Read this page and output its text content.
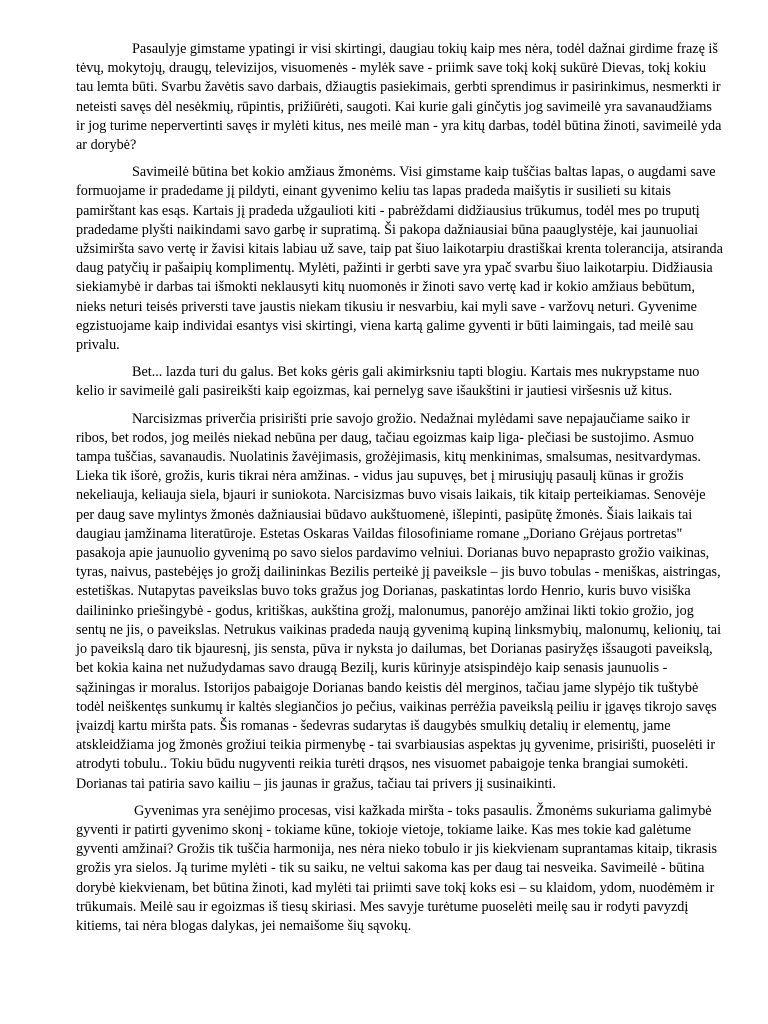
Pasaulyje gimstame ypatingi ir visi skirtingi, daugiau tokių kaip mes nėra, todėl dažnai girdime frazę iš tėvų, mokytojų, draugų, televizijos, visuomenės - mylėk save - priimk save tokį kokį sukūrė Dievas, tokį kokiu tau lemta būti. Svarbu žavėtis savo darbais, džiaugtis pasiekimais, gerbti sprendimus ir pasirinkimus, nesmerkti ir neteisti savęs dėl nesėkmių, rūpintis, prižiūrėti, saugoti. Kai kurie gali ginčytis jog savimeilė yra savanaudžiams ir jog turime nepervertinti savęs ir mylėti kitus, nes meilė man - yra kitų darbas, todėl būtina žinoti, savimeilė yda ar dorybė?

Savimeilė būtina bet kokio amžiaus žmonėms. Visi gimstame kaip tuščias baltas lapas, o augdami save formuojame ir pradedame jį pildyti, einant gyvenimo keliu tas lapas pradeda maišytis ir susilieti su kitais pamirštant kas esąs. Kartais jį pradeda užgaulioti kiti - pabrėždami didžiausius trūkumus, todėl mes po truputį pradedame plyšti naikindami savo garbę ir supratimą. Ši pakopa dažniausiai būna paauglystėje, kai jaunuoliai užsimiršta savo vertę ir žavisi kitais labiau už save, taip pat šiuo laikotarpiu drastiškai krenta tolerancija, atsiranda daug patyčių ir pašaipių komplimentų. Mylėti, pažinti ir gerbti save yra ypač svarbu šiuo laikotarpiu. Didžiausia siekiamybė ir darbas tai išmokti neklausyti kitų nuomonės ir žinoti savo vertę kad ir kokio amžiaus bebūtum, nieks neturi teisės priversti tave jaustis niekam tikusiu ir nesvarbiu, kai myli save - varžovų neturi. Gyvenime egzistuojame kaip individai esantys visi skirtingi, viena kartą galime gyventi ir būti laimingais, tad meilė sau privalu.

Bet... lazda turi du galus. Bet koks gėris gali akimirksniu tapti blogiu. Kartais mes nukrypstame nuo kelio ir savimeilė gali pasireikšti kaip egoizmas, kai pernelyg save išaukštini ir jautiesi viršesnis už kitus.

Narcisizmas priverčia prisirišti prie savojo grožio. Nedažnai mylėdami save nepajaučiame saiko ir ribos, bet rodos, jog meilės niekad nebūna per daug, tačiau egoizmas kaip liga- plečiasi be sustojimo. Asmuo tampa tuščias, savanaudis. Nuolatinis žavėjimasis, grožėjimasis, kitų menkinimas, smalsumas, nesitvardymas. Lieka tik išorė, grožis, kuris tikrai nėra amžinas. - vidus jau supuvęs, bet į mirusiųjų pasaulį kūnas ir grožis nekeliauja, keliauja siela, bjauri ir suniokota. Narcisizmas buvo visais laikais, tik kitaip perteikiamas. Senovėje per daug save mylintys žmonės dažniausiai būdavo aukštuomenė, išlepinti, pasipūtę žmonės. Šiais laikais tai daugiau įamžinama literatūroje. Estetas Oskaras Vaildas filosofiniame romane „Doriano Grėjaus portretas" pasakoja apie jaunuolio gyvenimą po savo sielos pardavimo velniui. Dorianas buvo nepaprasto grožio vaikinas, tyras, naivus, pastebėjęs jo grožį dailininkas Bezilis perteikė jį paveiksle – jis buvo tobulas - meniškas, aistringas, estetiškas. Nutapytas paveikslas buvo toks gražus jog Dorianas, paskatintas lordo Henrio, kuris buvo visiška dailininko priešingybė - godus, kritiškas, aukština grožį, malonumus, panorėjo amžinai likti tokio grožio, jog sentų ne jis, o paveikslas. Netrukus vaikinas pradeda naują gyvenimą kupiną linksmybių, malonumų, kelionių, tai jo paveikslą daro tik bjauresnį, jis sensta, pūva ir nyksta jo dailumas, bet Dorianas pasiryžęs išsaugoti paveikslą, bet kokia kaina net nužudydamas savo draugą Bezilį, kuris kūrinyje atsispindėjo kaip senasis jaunuolis - sąžiningas ir moralus. Istorijos pabaigoje Dorianas bando keistis dėl merginos, tačiau jame slypėjo tik tuštybė todėl neiškentęs sunkumų ir kaltės slegiančios jo pečius, vaikinas perrėžia paveikslą peiliu ir įgavęs tikrojo savęs įvaizdį kartu miršta pats. Šis romanas - šedevras sudarytas iš daugybės smulkių detalių ir elementų, jame atskleidžiama jog žmonės grožiui teikia pirmenybę - tai svarbiausias aspektas jų gyvenime, prisirišti, puoselėti ir atrodyti tobulu.. Tokiu būdu nugyventi reikia turėti drąsos, nes visuomet pabaigoje tenka brangiai sumokėti. Dorianas tai patiria savo kailiu – jis jaunas ir gražus, tačiau tai privers jį susinaikinti.

Gyvenimas yra senėjimo procesas, visi kažkada miršta - toks pasaulis. Žmonėms sukuriama galimybė gyventi ir patirti gyvenimo skonį - tokiame kūne, tokioje vietoje, tokiame laike. Kas mes tokie kad galėtume gyventi amžinai? Grožis tik tuščia harmonija, nes nėra nieko tobulo ir jis kiekvienam suprantamas kitaip, tikrasis grožis yra sielos. Ją turime mylėti - tik su saiku, ne veltui sakoma kas per daug tai nesveika. Savimeilė - būtina dorybė kiekvienam, bet būtina žinoti, kad mylėti tai priimti save tokį koks esi – su klaidom, ydom, nuodėmėm ir trūkumais. Meilė sau ir egoizmas iš tiesų skiriasi. Mes savyje turėtume puoselėti meilę sau ir rodyti pavyzdį kitiems, tai nėra blogas dalykas, jei nemaišome šių sąvokų.
